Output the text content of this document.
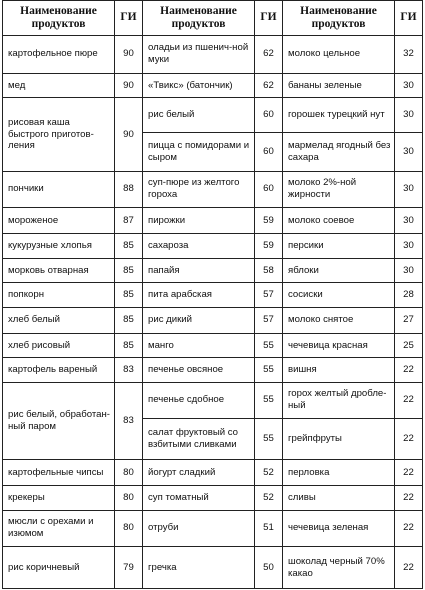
Наименование продуктов	ГИ	Наименование продуктов	ГИ	Наименование продуктов	ГИ
картофельное пюре	90	оладьи из пшенич-ной муки	62	молоко цельное	32
мед	90	«Твикс» (батончик)	62	бананы зеленые	30
рисовая каша быстрого приготов-ления	90	рис белый	60	горошек турецкий нут	30
		пицца с помидорами и сыром	60	мармелад ягодный без сахара	30
пончики	88	суп-пюре из желтого гороха	60	молоко 2%-ной жирности	30
мороженое	87	пирожки	59	молоко соевое	30
кукурузные хлопья	85	сахароза	59	персики	30
морковь отварная	85	папайя	58	яблоки	30
попкорн	85	пита арабская	57	сосиски	28
хлеб белый	85	рис дикий	57	молоко снятое	27
хлеб рисовый	85	манго	55	чечевица красная	25
картофель вареный	83	печенье овсяное	55	вишня	22
рис белый, обработан-ный паром	83	печенье сдобное	55	горох желтый дробле-ный	22
		салат фруктовый со взбитыми сливками	55	грейпфруты	22
картофельные чипсы	80	йогурт сладкий	52	перловка	22
крекеры	80	суп томатный	52	сливы	22
мюсли с орехами и изюмом	80	отруби	51	чечевица зеленая	22
рис коричневый	79	гречка	50	шоколад черный 70% какао	22
